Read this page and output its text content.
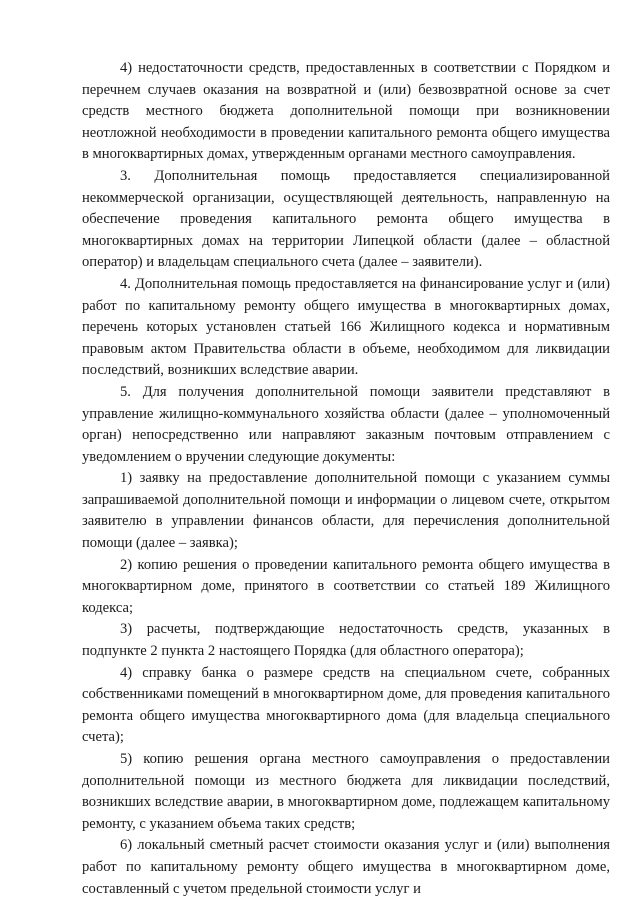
4) недостаточности средств, предоставленных в соответствии с Порядком и перечнем случаев оказания на возвратной и (или) безвозвратной основе за счет средств местного бюджета дополнительной помощи при возникновении неотложной необходимости в проведении капитального ремонта общего имущества в многоквартирных домах, утвержденным органами местного самоуправления.

3. Дополнительная помощь предоставляется специализированной некоммерческой организации, осуществляющей деятельность, направленную на обеспечение проведения капитального ремонта общего имущества в многоквартирных домах на территории Липецкой области (далее – областной оператор) и владельцам специального счета (далее – заявители).

4. Дополнительная помощь предоставляется на финансирование услуг и (или) работ по капитальному ремонту общего имущества в многоквартирных домах, перечень которых установлен статьей 166 Жилищного кодекса и нормативным правовым актом Правительства области в объеме, необходимом для ликвидации последствий, возникших вследствие аварии.

5. Для получения дополнительной помощи заявители представляют в управление жилищно-коммунального хозяйства области (далее – уполномоченный орган) непосредственно или направляют заказным почтовым отправлением с уведомлением о вручении следующие документы:

1) заявку на предоставление дополнительной помощи с указанием суммы запрашиваемой дополнительной помощи и информации о лицевом счете, открытом заявителю в управлении финансов области, для перечисления дополнительной помощи (далее – заявка);

2) копию решения о проведении капитального ремонта общего имущества в многоквартирном доме, принятого в соответствии со статьей 189 Жилищного кодекса;

3) расчеты, подтверждающие недостаточность средств, указанных в подпункте 2 пункта 2 настоящего Порядка (для областного оператора);

4) справку банка о размере средств на специальном счете, собранных собственниками помещений в многоквартирном доме, для проведения капитального ремонта общего имущества многоквартирного дома (для владельца специального счета);

5) копию решения органа местного самоуправления о предоставлении дополнительной помощи из местного бюджета для ликвидации последствий, возникших вследствие аварии, в многоквартирном доме, подлежащем капитальному ремонту, с указанием объема таких средств;

6) локальный сметный расчет стоимости оказания услуг и (или) выполнения работ по капитальному ремонту общего имущества в многоквартирном доме, составленный с учетом предельной стоимости услуг и
